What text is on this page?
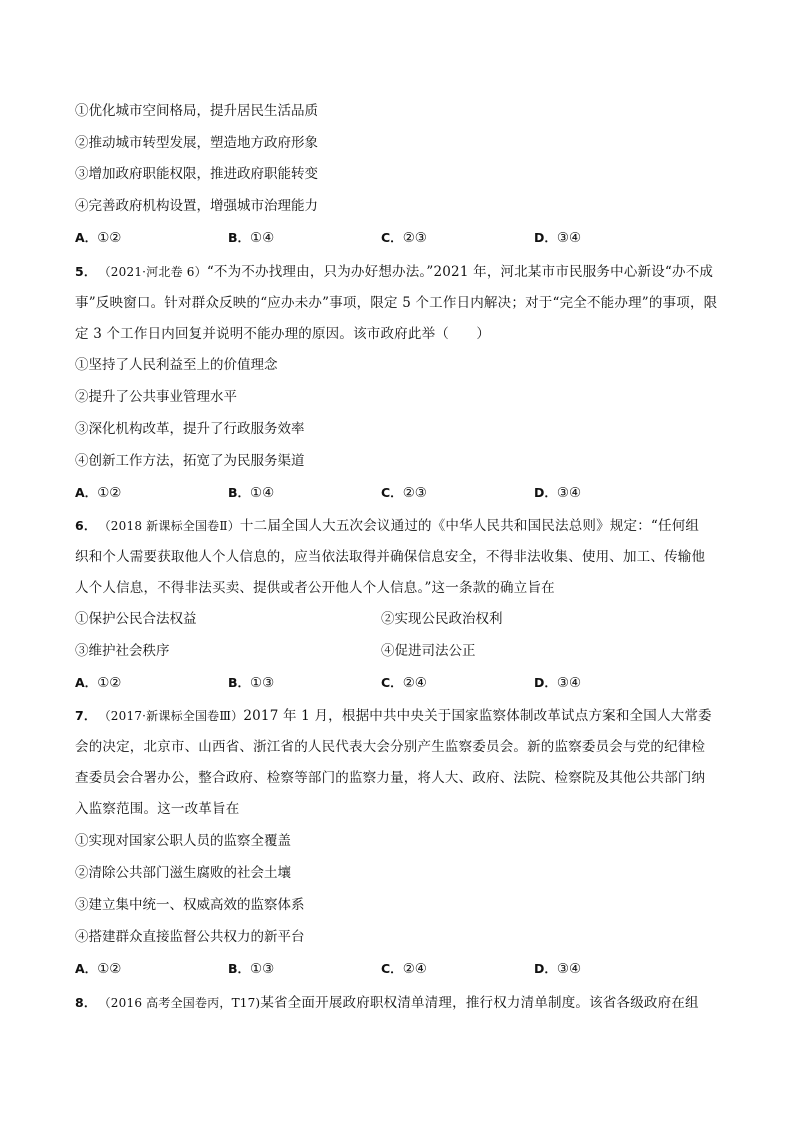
①优化城市空间格局，提升居民生活品质
②推动城市转型发展，塑造地方政府形象
③增加政府职能权限，推进政府职能转变
④完善政府机构设置，增强城市治理能力
A．①②	B．①④	C．②③	D．③④
5． （2021·河北卷 6）“不为不办找理由，只为办好想办法。”2021 年，河北某市市民服务中心新设“办不成
事”反映窗口。针对群众反映的“应办未办”事项，限定 5 个工作日内解决；对于“完全不能办理”的事项，限
定 3 个工作日内回复并说明不能办理的原因。该市政府此举（　　）
①坚持了人民利益至上的价值理念
②提升了公共事业管理水平
③深化机构改革，提升了行政服务效率
④创新工作方法，拓宽了为民服务渠道
A．①②	B．①④	C．②③	D．③④
6． （2018 新课标全国卷Ⅱ）十二届全国人大五次会议通过的《中华人民共和国民法总则》规定：“任何组
织和个人需要获取他人个人信息的，应当依法取得并确保信息安全，不得非法收集、使用、加工、传输他
人个人信息，不得非法买卖、提供或者公开他人个人信息。”这一条款的确立旨在
①保护公民合法权益	②实现公民政治权利
③维护社会秩序	④促进司法公正
A．①②	B．①③	C．②④	D．③④
7． （2017·新课标全国卷Ⅲ）2017 年 1 月，根据中共中央关于国家监察体制改革试点方案和全国人大常委
会的决定，北京市、山西省、浙江省的人民代表大会分别产生监察委员会。新的监察委员会与党的纪律检
查委员会合署办公，整合政府、检察等部门的监察力量，将人大、政府、法院、检察院及其他公共部门纳
入监察范围。这一改革旨在
①实现对国家公职人员的监察全覆盖
②清除公共部门滋生腐败的社会土壤
③建立集中统一、权威高效的监察体系
④搭建群众直接监督公共权力的新平台
A．①②	B．①③	C．②④	D．③④
8． （2016 高考全国卷丙，T17)某省全面开展政府职权清单清理，推行权力清单制度。该省各级政府在组
